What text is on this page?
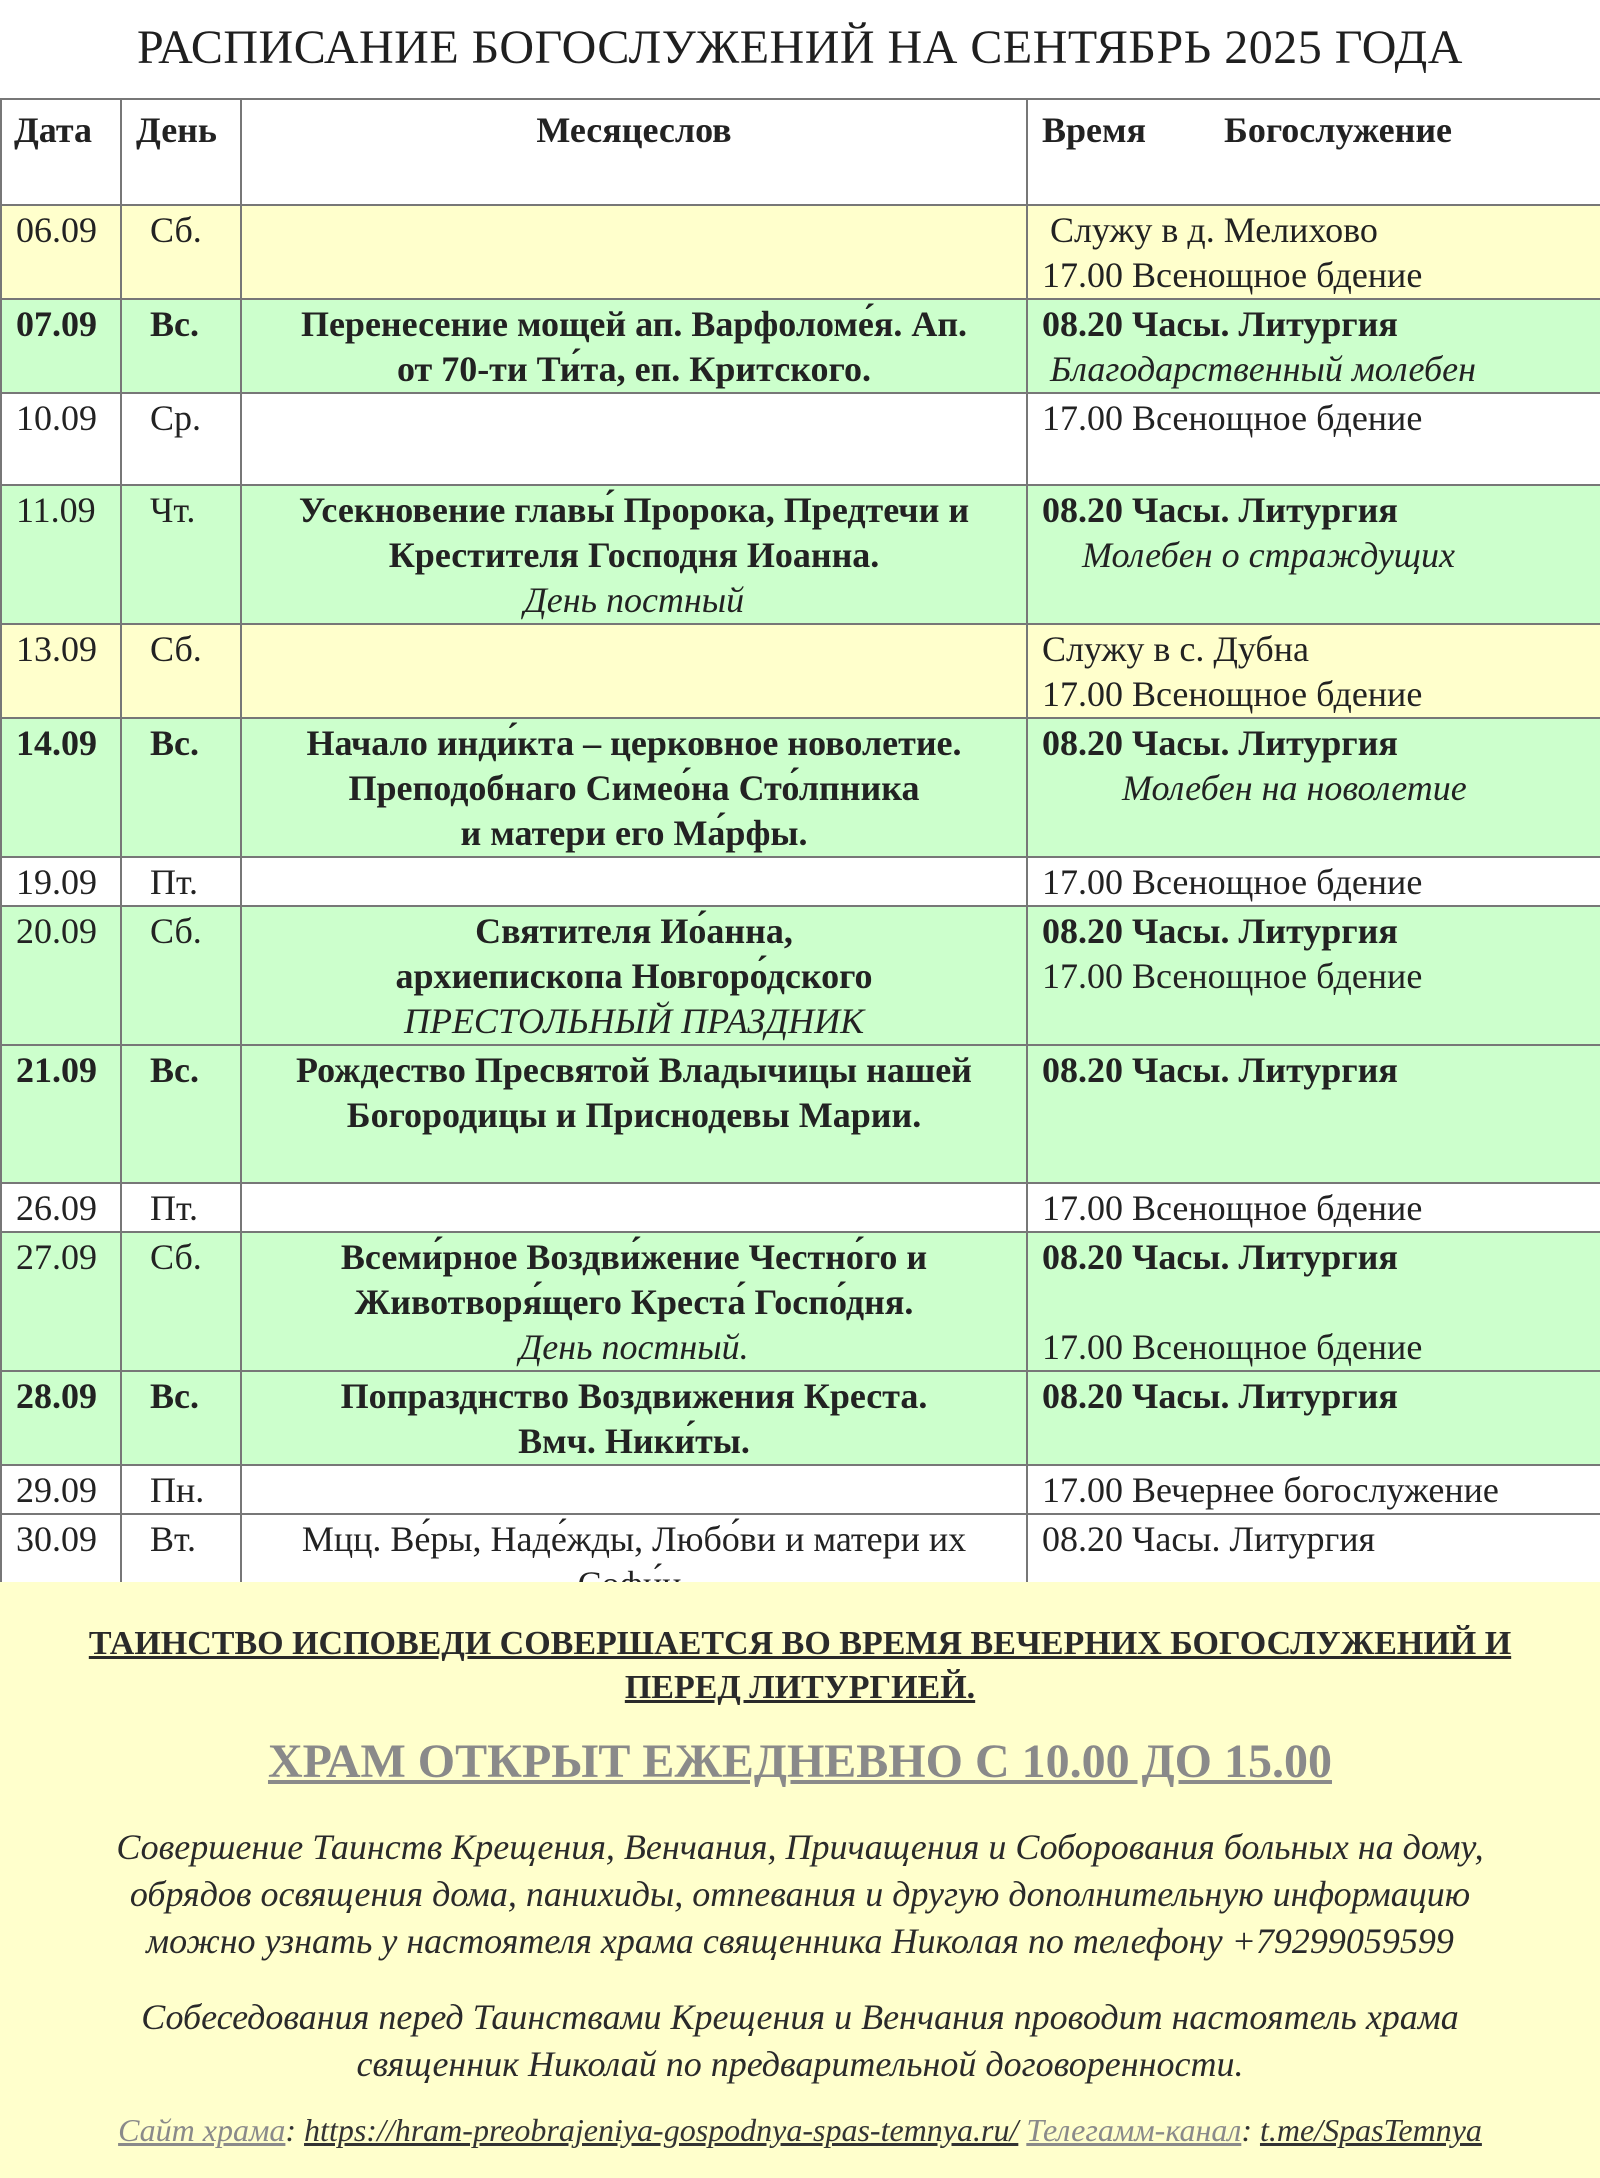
РАСПИСАНИЕ БОГОСЛУЖЕНИЙ НА СЕНТЯБРЬ 2025 ГОДА
Дата	День	Месяцеслов	Время Богослужение
06.09	Сб.		Служу в д. Мелихово
17.00 Всенощное бдение

07.09	Вс.	Перенесение мощей ап. Варфоломе́я. Ап.
от 70-ти Ти́та, еп. Критского.	08.20 Часы. Литургия
Благодарственный молебен

10.09	Ср.		17.00 Всенощное бдение

11.09	Чт.	Усекновение главы́ Пророка, Предтечи и
Крестителя Господня Иоанна.
День постный	08.20 Часы. Литургия
Молебен о страждущих

13.09	Сб.		Служу в с. Дубна
17.00 Всенощное бдение

14.09	Вс.	Начало инди́кта – церковное новолетие.
Преподобнаго Симео́на Сто́лпника
и матери его Ма́рфы.	08.20 Часы. Литургия
Молебен на новолетие

19.09	Пт.		17.00 Всенощное бдение

20.09	Сб.	Святителя Ио́анна,
архиепископа Новгоро́дского
ПРЕСТОЛЬНЫЙ ПРАЗДНИК	08.20 Часы. Литургия
17.00 Всенощное бдение

21.09	Вс.	Рождество Пресвятой Владычицы нашей
Богородицы и Приснодевы Марии.	08.20 Часы. Литургия

26.09	Пт.		17.00 Всенощное бдение

27.09	Сб.	Всеми́рное Воздви́жение Честно́го и
Животворя́щего Креста́ Госпо́дня.
День постный.	08.20 Часы. Литургия
17.00 Всенощное бдение

28.09	Вс.	Попразднство Воздвижения Креста.
Вмч. Ники́ты.	08.20 Часы. Литургия

29.09	Пн.		17.00 Вечернее богослужение

30.09	Вт.	Мцц. Ве́ры, Наде́жды, Любо́ви и матери их	08.20 Часы. Литургия
ТАИНСТВО ИСПОВЕДИ СОВЕРШАЕТСЯ ВО ВРЕМЯ ВЕЧЕРНИХ БОГОСЛУЖЕНИЙ И
ПЕРЕД ЛИТУРГИЕЙ.
ХРАМ ОТКРЫТ ЕЖЕДНЕВНО С 10.00 ДО 15.00
Совершение Таинств Крещения, Венчания, Причащения и Соборования больных на дому,
обрядов освящения дома, панихиды, отпевания и другую дополнительную информацию
можно узнать у настоятеля храма священника Николая по телефону +79299059599
Собеседования перед Таинствами Крещения и Венчания проводит настоятель храма
священник Николай по предварительной договоренности.
Сайт храма: https://hram-preobrajeniya-gospodnya-spas-temnya.ru/ Телегамм-канал: t.me/SpasTemnya
